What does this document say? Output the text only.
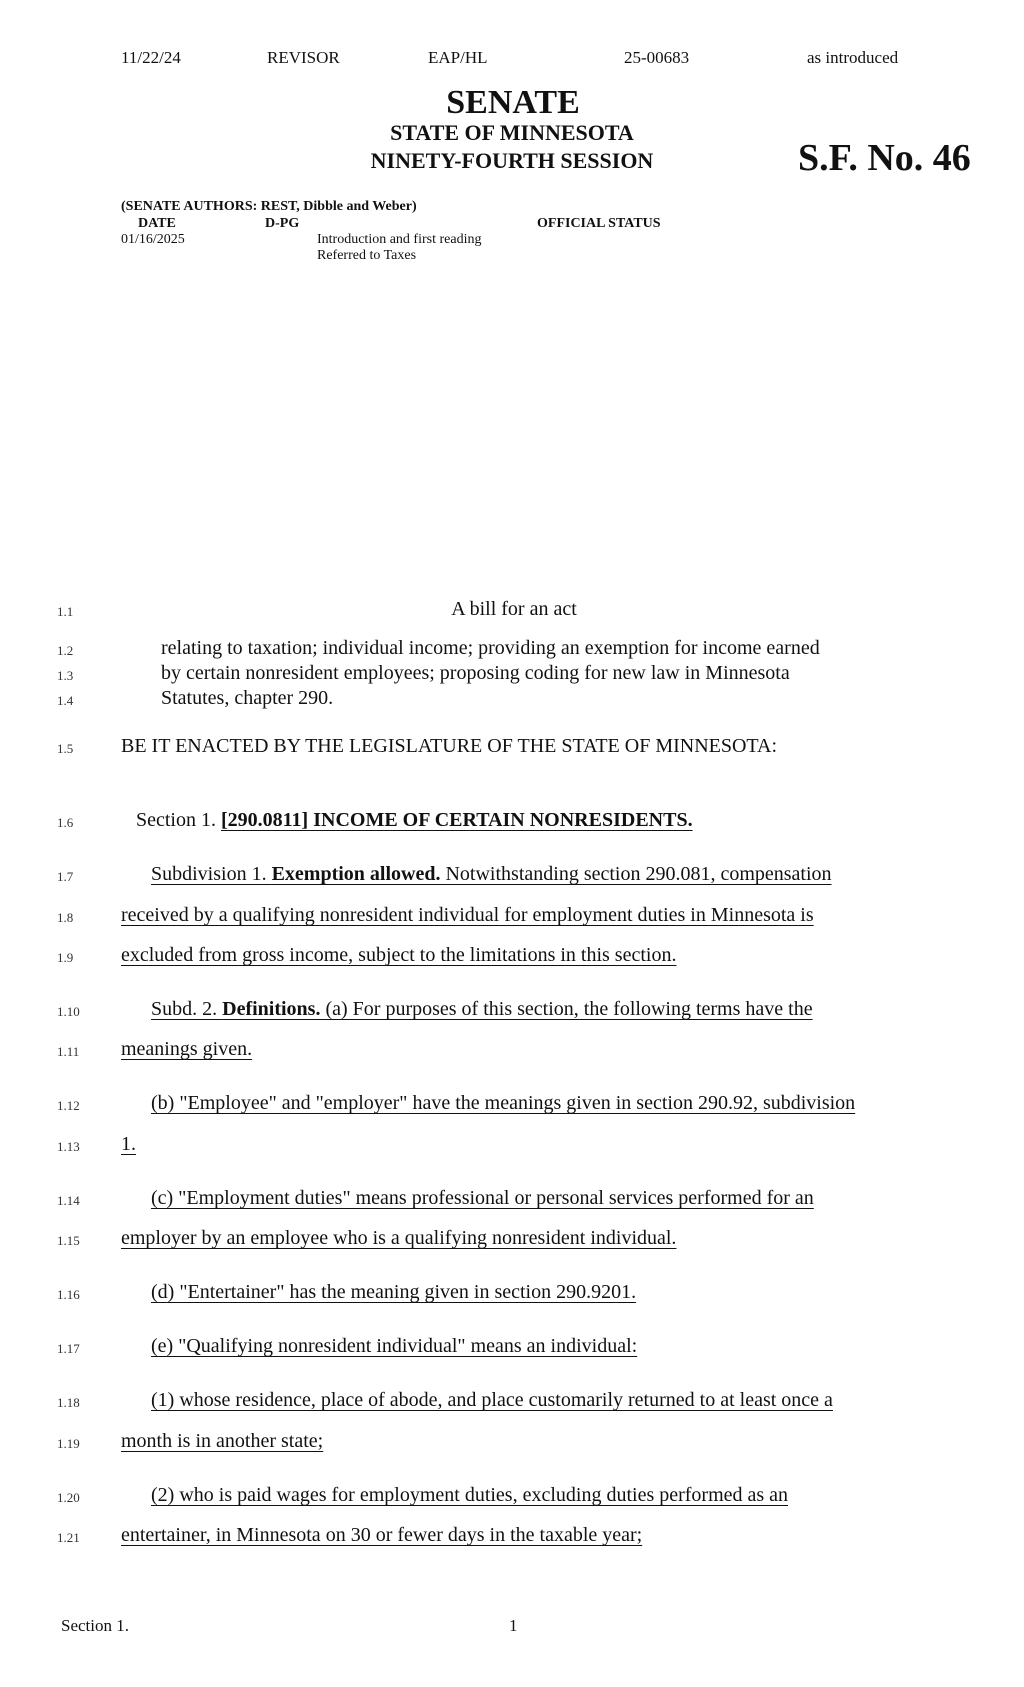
11/22/24	REVISOR	EAP/HL	25-00683	as introduced
SENATE
STATE OF MINNESOTA
NINETY-FOURTH SESSION	S.F. No. 46
(SENATE AUTHORS: REST, Dibble and Weber)
DATE	D-PG	OFFICIAL STATUS
01/16/2025	Introduction and first reading
Referred to Taxes
1.1	A bill for an act
1.2	relating to taxation; individual income; providing an exemption for income earned
1.3	by certain nonresident employees; proposing coding for new law in Minnesota
1.4	Statutes, chapter 290.
1.5 BE IT ENACTED BY THE LEGISLATURE OF THE STATE OF MINNESOTA:
1.6	Section 1. [290.0811] INCOME OF CERTAIN NONRESIDENTS.
1.7	Subdivision 1. Exemption allowed. Notwithstanding section 290.081, compensation
1.8 received by a qualifying nonresident individual for employment duties in Minnesota is
1.9 excluded from gross income, subject to the limitations in this section.
1.10	Subd. 2. Definitions. (a) For purposes of this section, the following terms have the
1.11 meanings given.
1.12	(b) "Employee" and "employer" have the meanings given in section 290.92, subdivision
1.13 1.
1.14	(c) "Employment duties" means professional or personal services performed for an
1.15 employer by an employee who is a qualifying nonresident individual.
1.16	(d) "Entertainer" has the meaning given in section 290.9201.
1.17	(e) "Qualifying nonresident individual" means an individual:
1.18	(1) whose residence, place of abode, and place customarily returned to at least once a
1.19 month is in another state;
1.20	(2) who is paid wages for employment duties, excluding duties performed as an
1.21 entertainer, in Minnesota on 30 or fewer days in the taxable year;
Section 1.	1
